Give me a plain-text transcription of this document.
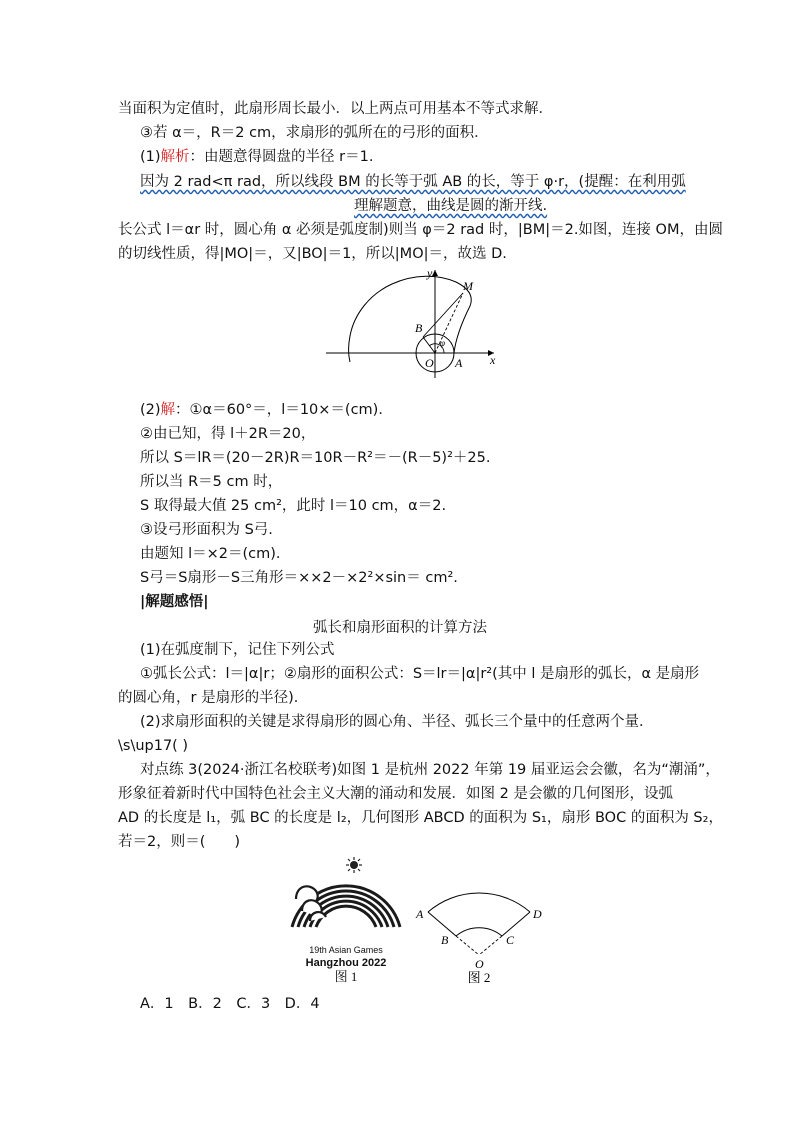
当面积为定值时，此扇形周长最小．以上两点可用基本不等式求解．
③若 α＝，R＝2 cm，求扇形的弧所在的弓形的面积．
(1)解析：由题意得圆盘的半径 r＝1.
因为 2 rad<π rad，所以线段 BM 的长等于弧 AB 的长，等于 φ·r，(提醒：在利用弧
理解题意，曲线是圆的渐开线.
长公式 l＝αr 时，圆心角 α 必须是弧度制)则当 φ＝2 rad 时，|BM|＝2.如图，连接 OM，由圆
的切线性质，得|MO|＝，又|BO|＝1，所以|MO|＝，故选 D.
y
M
B
φ
O A x
(2)解：①α＝60°＝，l＝10×＝(cm)．
②由已知，得 l＋2R＝20，
所以 S＝lR＝(20－2R)R＝10R－R²＝－(R－5)²＋25.
所以当 R＝5 cm 时，
S 取得最大值 25 cm²，此时 l＝10 cm，α＝2.
③设弓形面积为 S弓.
由题知 l＝×2＝(cm)．
S弓＝S扇形－S三角形＝××2－×2²×sin＝ cm².
|解题感悟|
弧长和扇形面积的计算方法
(1)在弧度制下，记住下列公式
①弧长公式：l＝|α|r；②扇形的面积公式：S＝lr＝|α|r²(其中 l 是扇形的弧长，α 是扇形
的圆心角，r 是扇形的半径)．
(2)求扇形面积的关键是求得扇形的圆心角、半径、弧长三个量中的任意两个量．
\s\up17( )
对点练 3(2024·浙江名校联考)如图 1 是杭州 2022 年第 19 届亚运会会徽，名为“潮涌”，
形象征着新时代中国特色社会主义大潮的涌动和发展．如图 2 是会徽的几何图形，设弧
AD 的长度是 l₁，弧 BC 的长度是 l₂，几何图形 ABCD 的面积为 S₁，扇形 BOC 的面积为 S₂，
若＝2，则＝(　　)
19th Asian Games
Hangzhou 2022
图 1
A	D
B	C
O
图 2
A．1　B．2　C．3　D．4
